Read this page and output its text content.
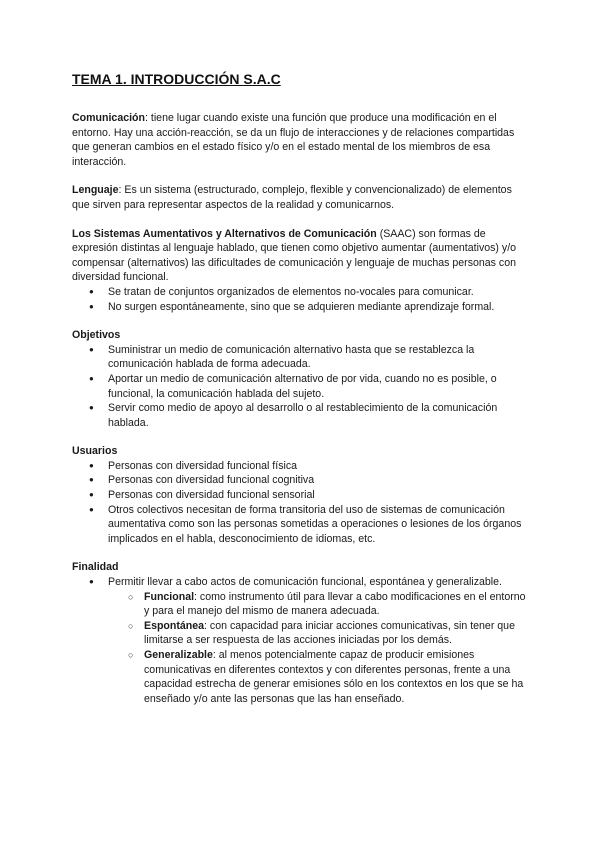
TEMA 1. INTRODUCCIÓN S.A.C

Comunicación: tiene lugar cuando existe una función que produce una modificación en el entorno. Hay una acción-reacción, se da un flujo de interacciones y de relaciones compartidas que generan cambios en el estado físico y/o en el estado mental de los miembros de esa interacción.

Lenguaje: Es un sistema (estructurado, complejo, flexible y convencionalizado) de elementos que sirven para representar aspectos de la realidad y comunicarnos.

Los Sistemas Aumentativos y Alternativos de Comunicación (SAAC) son formas de expresión distintas al lenguaje hablado, que tienen como objetivo aumentar (aumentativos) y/o compensar (alternativos) las dificultades de comunicación y lenguaje de muchas personas con diversidad funcional.

● Se tratan de conjuntos organizados de elementos no-vocales para comunicar.
● No surgen espontáneamente, sino que se adquieren mediante aprendizaje formal.
Objetivos
● Suministrar un medio de comunicación alternativo hasta que se restablezca la comunicación hablada de forma adecuada.
● Aportar un medio de comunicación alternativo de por vida, cuando no es posible, o funcional, la comunicación hablada del sujeto.
● Servir como medio de apoyo al desarrollo o al restablecimiento de la comunicación hablada.
Usuarios
● Personas con diversidad funcional física
● Personas con diversidad funcional cognitiva
● Personas con diversidad funcional sensorial
● Otros colectivos necesitan de forma transitoria del uso de sistemas de comunicación aumentativa como son las personas sometidas a operaciones o lesiones de los órganos implicados en el habla, desconocimiento de idiomas, etc.
Finalidad
● Permitir llevar a cabo actos de comunicación funcional, espontánea y generalizable.
○ Funcional: como instrumento útil para llevar a cabo modificaciones en el entorno y para el manejo del mismo de manera adecuada.
○ Espontánea: con capacidad para iniciar acciones comunicativas, sin tener que limitarse a ser respuesta de las acciones iniciadas por los demás.
○ Generalizable: al menos potencialmente capaz de producir emisiones comunicativas en diferentes contextos y con diferentes personas, frente a una capacidad estrecha de generar emisiones sólo en los contextos en los que se ha enseñado y/o ante las personas que las han enseñado.
